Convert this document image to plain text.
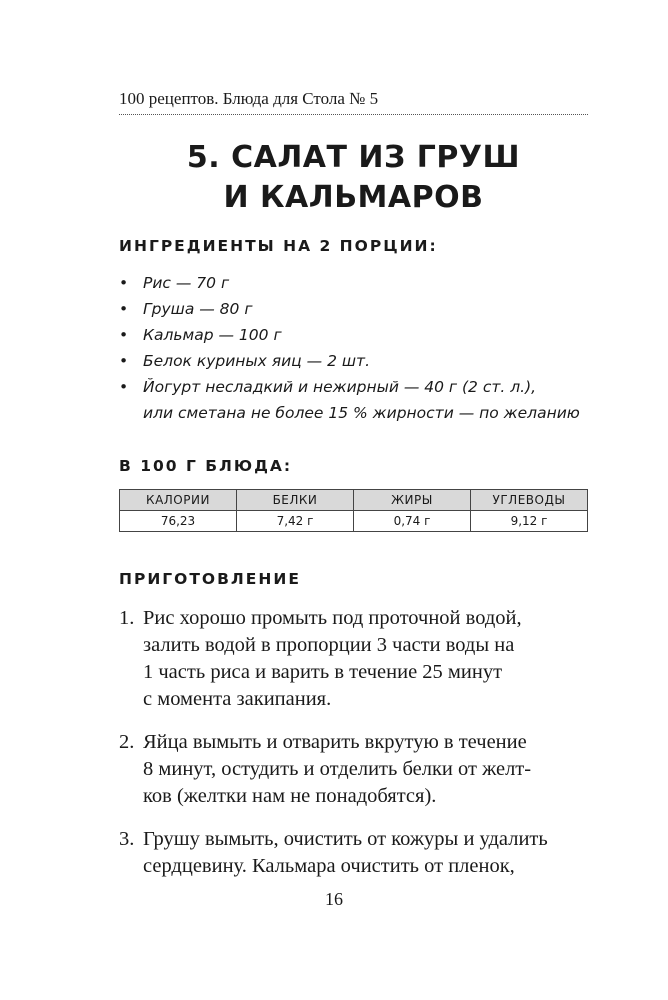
100 рецептов. Блюда для Стола № 5
5. САЛАТ ИЗ ГРУШ
И КАЛЬМАРОВ
ИНГРЕДИЕНТЫ НА 2 ПОРЦИИ:
• Рис — 70 г
• Груша — 80 г
• Кальмар — 100 г
• Белок куриных яиц — 2 шт.
• Йогурт несладкий и нежирный — 40 г (2 ст. л.),
или сметана не более 15 % жирности — по желанию
В 100 Г БЛЮДА:
КАЛОРИИ	БЕЛКИ	ЖИРЫ	УГЛЕВОДЫ
76,23	7,42 г	0,74 г	9,12 г
ПРИГОТОВЛЕНИЕ
1. Рис хорошо промыть под проточной водой,
залить водой в пропорции 3 части воды на
1 часть риса и варить в течение 25 минут
с момента закипания.
2. Яйца вымыть и отварить вкрутую в течение
8 минут, остудить и отделить белки от желт-
ков (желтки нам не понадобятся).
3. Грушу вымыть, очистить от кожуры и удалить
сердцевину. Кальмара очистить от пленок,
16
